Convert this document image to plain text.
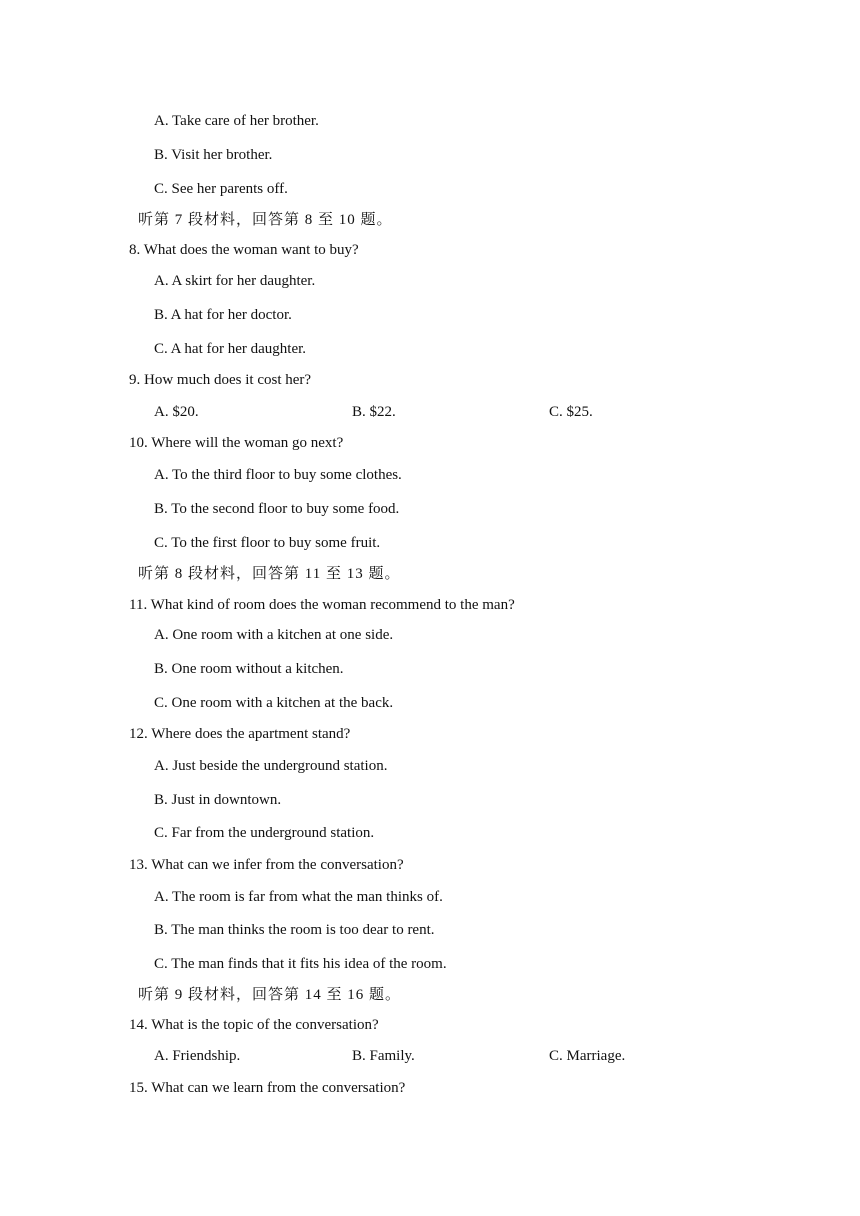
A. Take care of her brother.
B. Visit her brother.
C. See her parents off.
听第 7 段材料，回答第 8 至 10 题。
8. What does the woman want to buy?
A. A skirt for her daughter.
B. A hat for her doctor.
C. A hat for her daughter.
9. How much does it cost her?
A. $20.	B. $22.	C. $25.
10. Where will the woman go next?
A. To the third floor to buy some clothes.
B. To the second floor to buy some food.
C. To the first floor to buy some fruit.
听第 8 段材料，回答第 11 至 13 题。
11. What kind of room does the woman recommend to the man?
A. One room with a kitchen at one side.
B. One room without a kitchen.
C. One room with a kitchen at the back.
12. Where does the apartment stand?
A. Just beside the underground station.
B. Just in downtown.
C. Far from the underground station.
13. What can we infer from the conversation?
A. The room is far from what the man thinks of.
B. The man thinks the room is too dear to rent.
C. The man finds that it fits his idea of the room.
听第 9 段材料，回答第 14 至 16 题。
14. What is the topic of the conversation?
A. Friendship.	B. Family.	C. Marriage.
15. What can we learn from the conversation?
